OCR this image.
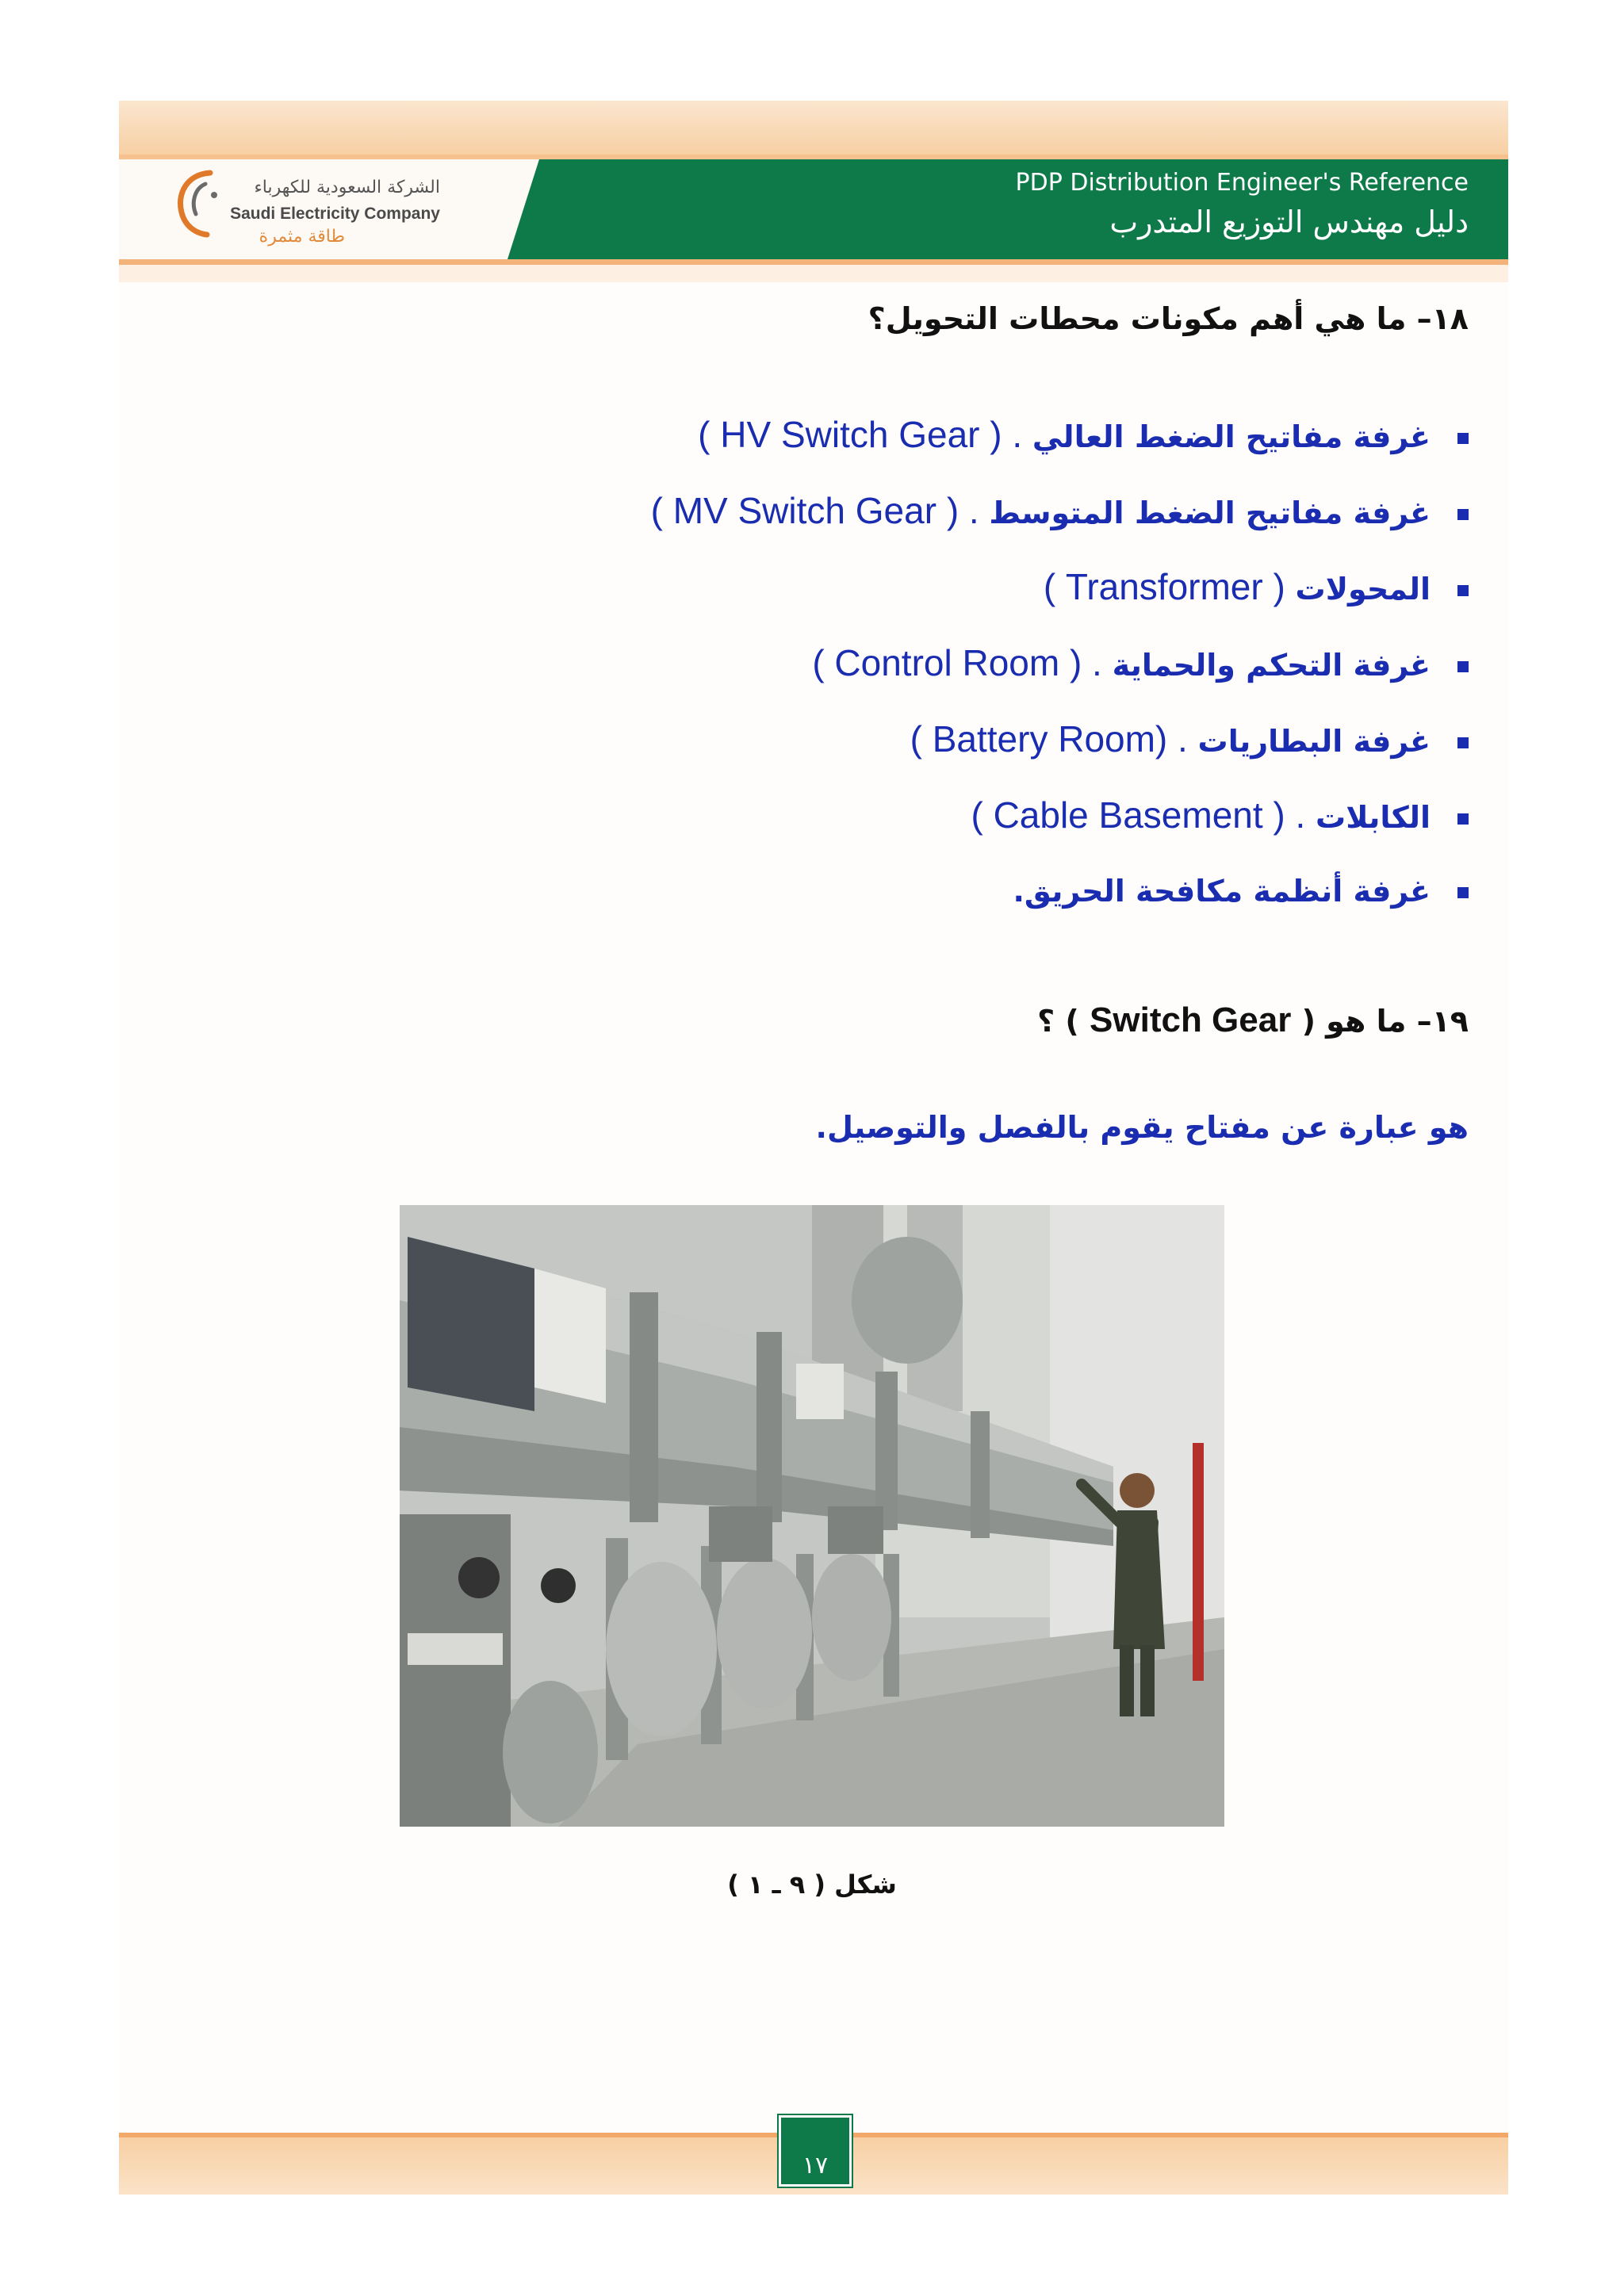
الشركة السعودية للكهرباء
Saudi Electricity Company
طاقة مثمرة
PDP Distribution Engineer's Reference
دليل مهندس التوزيع المتدرب
١٨– ما هي أهم مكونات محطات التحويل؟
غرفة مفاتيح الضغط العالي ( HV Switch Gear ) .
غرفة مفاتيح الضغط المتوسط ( MV Switch Gear ) .
المحولات ( Transformer )
غرفة التحكم والحماية ( Control Room ) .
غرفة البطاريات ( Battery Room) .
الكابلات ( Cable Basement ) .
غرفة أنظمة مكافحة الحريق.
١٩– ما هو ( Switch Gear ) ؟
هو عبارة عن مفتاح يقوم بالفصل والتوصيل.
شكل ( ٩ ـ ١ )
١٧
